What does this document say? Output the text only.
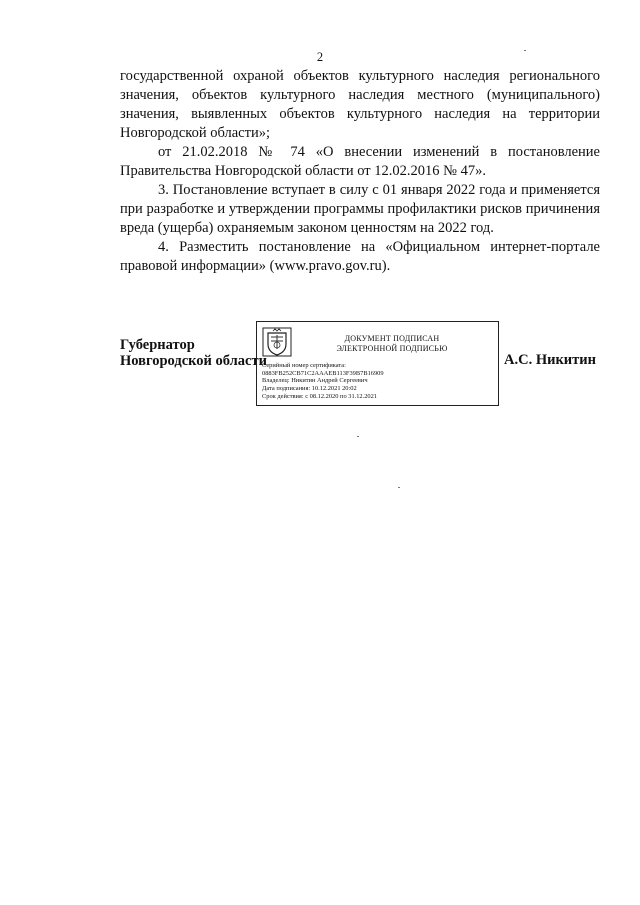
2

государственной охраной объектов культурного наследия регионального значения, объектов культурного наследия местного (муниципального) значения, выявленных объектов культурного наследия на территории Новгородской области»;

от 21.02.2018 № 74 «О внесении изменений в постановление Правительства Новгородской области от 12.02.2016 № 47».

3. Постановление вступает в силу с 01 января 2022 года и применяется при разработке и утверждении программы профилактики рисков причинения вреда (ущерба) охраняемым законом ценностям на 2022 год.

4. Разместить постановление на «Официальном интернет-портале правовой информации» (www.pravo.gov.ru).

Губернатор
Новгородской области
ДОКУМЕНТ ПОДПИСАН
ЭЛЕКТРОННОЙ ПОДПИСЬЮ
Серийный номер сертификата:
0883FB252CB71C2AAAEB113F39B7B16909
Владелец: Никитин Андрей Сергеевич
Дата подписания: 10.12.2021 20:02
Срок действия: с 08.12.2020 по 31.12.2021
А.С. Никитин
